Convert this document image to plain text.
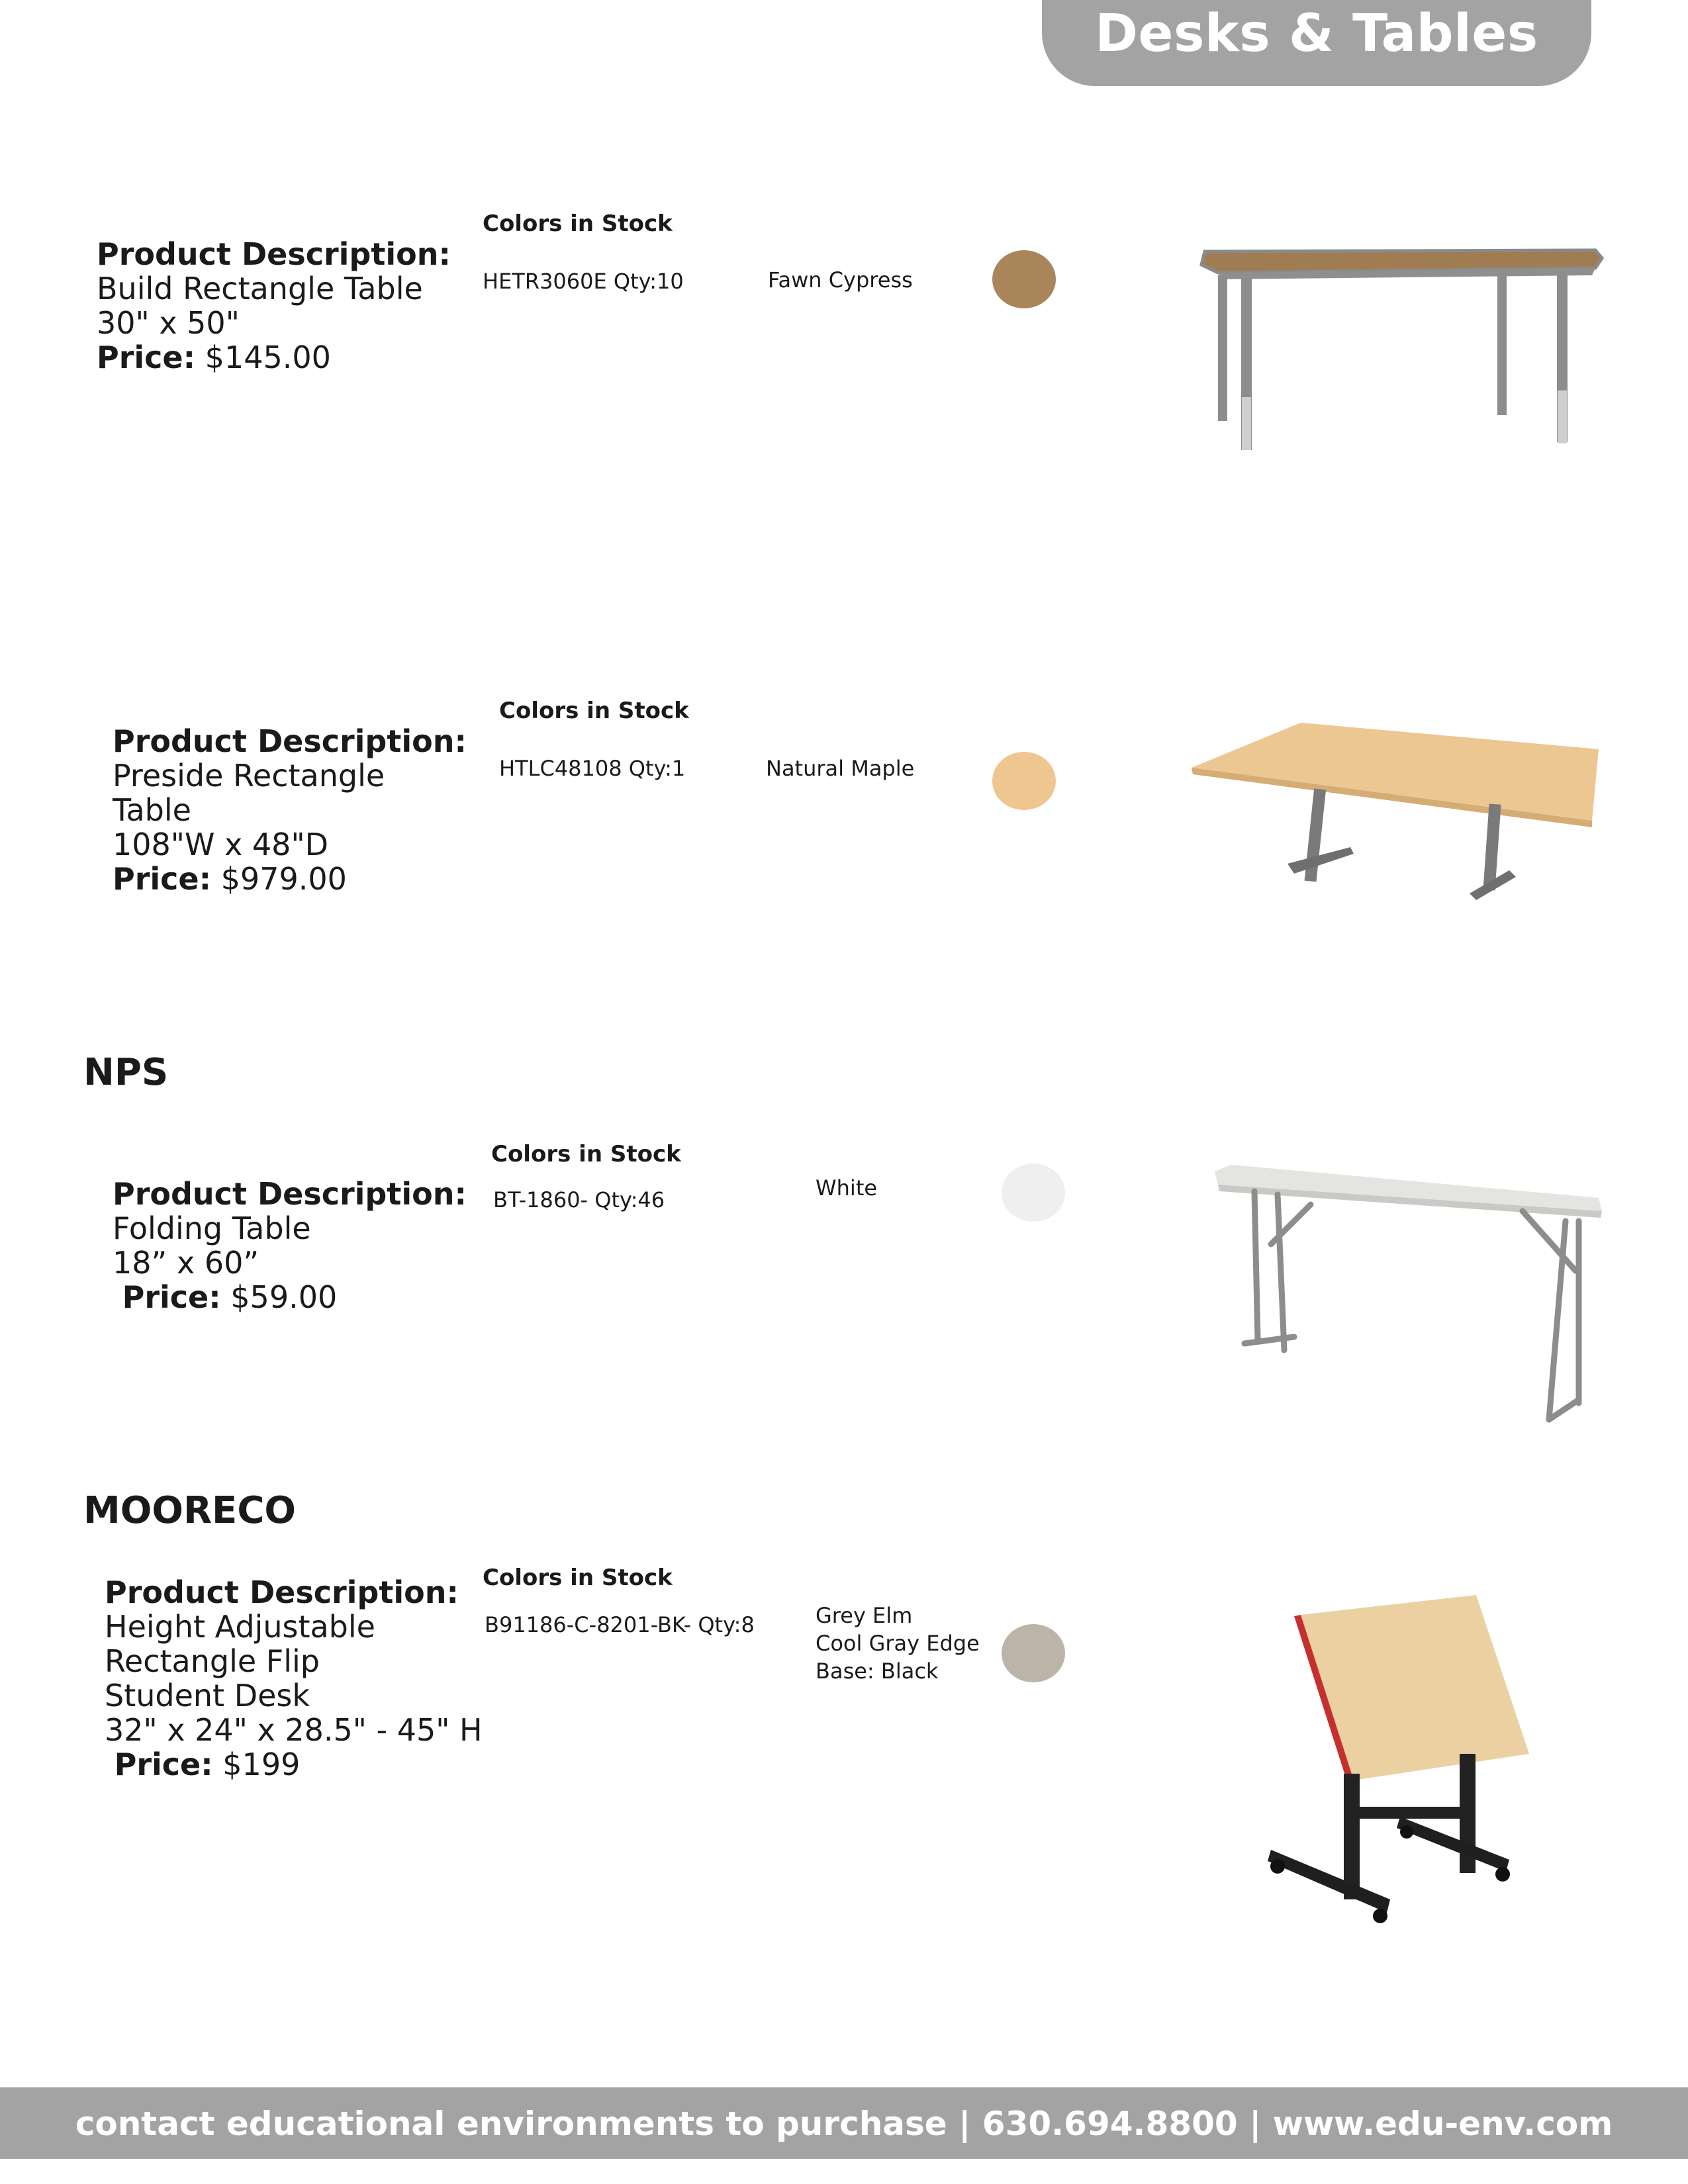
Desks & Tables
Product Description:
Build Rectangle Table
30" x 50"
Price: $145.00
Colors in Stock
HETR3060E Qty:10	Fawn Cypress
Product Description:
Preside Rectangle
Table
108"W x 48"D
Price: $979.00
Colors in Stock
HTLC48108 Qty:1	Natural Maple
NPS
Product Description:
Folding Table
18” x 60”
Price: $59.00
Colors in Stock
BT-1860- Qty:46	White
MOORECO
Product Description:
Height Adjustable
Rectangle Flip
Student Desk
32" x 24" x 28.5" - 45" H
Price: $199
Colors in Stock
B91186-C-8201-BK- Qty:8	Grey Elm
Cool Gray Edge
Base: Black
contact educational environments to purchase | 630.694.8800 | www.edu-env.com
